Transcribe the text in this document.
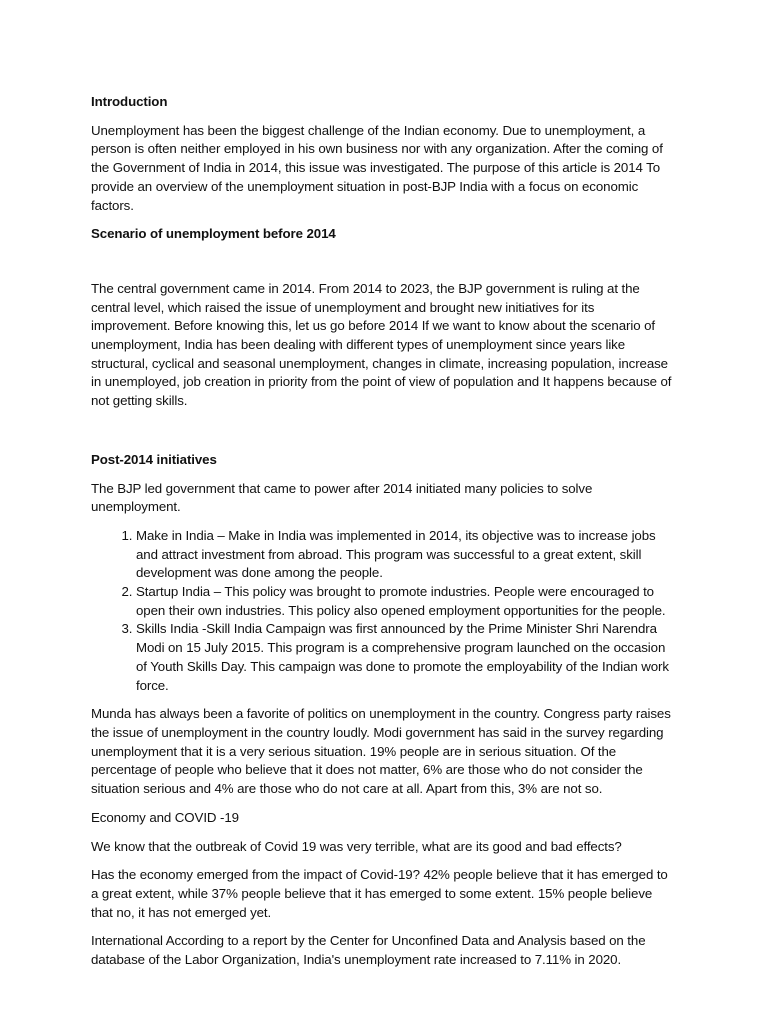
Introduction

Unemployment has been the biggest challenge of the Indian economy. Due to unemployment, a person is often neither employed in his own business nor with any organization. After the coming of the Government of India in 2014, this issue was investigated. The purpose of this article is 2014 To provide an overview of the unemployment situation in post-BJP India with a focus on economic factors.

Scenario of unemployment before 2014

The central government came in 2014. From 2014 to 2023, the BJP government is ruling at the central level, which raised the issue of unemployment and brought new initiatives for its improvement. Before knowing this, let us go before 2014 If we want to know about the scenario of unemployment, India has been dealing with different types of unemployment since years like structural, cyclical and seasonal unemployment, changes in climate, increasing population, increase in unemployed, job creation in priority from the point of view of population and It happens because of not getting skills.

Post-2014 initiatives

The BJP led government that came to power after 2014 initiated many policies to solve unemployment.

1. Make in India – Make in India was implemented in 2014, its objective was to increase jobs and attract investment from abroad. This program was successful to a great extent, skill development was done among the people.
2. Startup India – This policy was brought to promote industries. People were encouraged to open their own industries. This policy also opened employment opportunities for the people.
3. Skills India -Skill India Campaign was first announced by the Prime Minister Shri Narendra Modi on 15 July 2015. This program is a comprehensive program launched on the occasion of Youth Skills Day. This campaign was done to promote the employability of the Indian work force.

Munda has always been a favorite of politics on unemployment in the country. Congress party raises the issue of unemployment in the country loudly. Modi government has said in the survey regarding unemployment that it is a very serious situation. 19% people are in serious situation. Of the percentage of people who believe that it does not matter, 6% are those who do not consider the situation serious and 4% are those who do not care at all. Apart from this, 3% are not so.

Economy and COVID -19

We know that the outbreak of Covid 19 was very terrible, what are its good and bad effects?

Has the economy emerged from the impact of Covid-19? 42% people believe that it has emerged to a great extent, while 37% people believe that it has emerged to some extent. 15% people believe that no, it has not emerged yet.

International According to a report by the Center for Unconfined Data and Analysis based on the database of the Labor Organization, India's unemployment rate increased to 7.11% in 2020.
